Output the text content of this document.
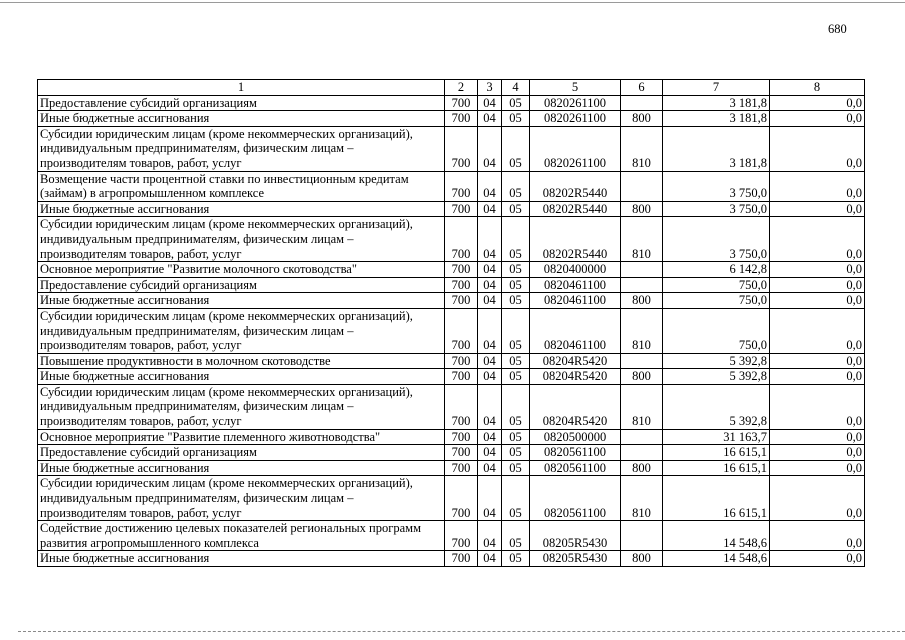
680
1	2	3	4	5	6	7	8
Предоставление субсидий организациям	700	04	05	0820261100		3 181,8	0,0
Иные бюджетные ассигнования	700	04	05	0820261100	800	3 181,8	0,0
Субсидии юридическим лицам (кроме некоммерческих организаций), индивидуальным предпринимателям, физическим лицам – производителям товаров, работ, услуг	700	04	05	0820261100	810	3 181,8	0,0
Возмещение части процентной ставки по инвестиционным кредитам (займам) в агропромышленном комплексе	700	04	05	08202R5440		3 750,0	0,0
Иные бюджетные ассигнования	700	04	05	08202R5440	800	3 750,0	0,0
Субсидии юридическим лицам (кроме некоммерческих организаций), индивидуальным предпринимателям, физическим лицам – производителям товаров, работ, услуг	700	04	05	08202R5440	810	3 750,0	0,0
Основное мероприятие "Развитие молочного скотоводства"	700	04	05	0820400000		6 142,8	0,0
Предоставление субсидий организациям	700	04	05	0820461100		750,0	0,0
Иные бюджетные ассигнования	700	04	05	0820461100	800	750,0	0,0
Субсидии юридическим лицам (кроме некоммерческих организаций), индивидуальным предпринимателям, физическим лицам – производителям товаров, работ, услуг	700	04	05	0820461100	810	750,0	0,0
Повышение продуктивности в молочном скотоводстве	700	04	05	08204R5420		5 392,8	0,0
Иные бюджетные ассигнования	700	04	05	08204R5420	800	5 392,8	0,0
Субсидии юридическим лицам (кроме некоммерческих организаций), индивидуальным предпринимателям, физическим лицам – производителям товаров, работ, услуг	700	04	05	08204R5420	810	5 392,8	0,0
Основное мероприятие "Развитие племенного животноводства"	700	04	05	0820500000		31 163,7	0,0
Предоставление субсидий организациям	700	04	05	0820561100		16 615,1	0,0
Иные бюджетные ассигнования	700	04	05	0820561100	800	16 615,1	0,0
Субсидии юридическим лицам (кроме некоммерческих организаций), индивидуальным предпринимателям, физическим лицам – производителям товаров, работ, услуг	700	04	05	0820561100	810	16 615,1	0,0
Содействие достижению целевых показателей региональных программ развития агропромышленного комплекса	700	04	05	08205R5430		14 548,6	0,0
Иные бюджетные ассигнования	700	04	05	08205R5430	800	14 548,6	0,0
